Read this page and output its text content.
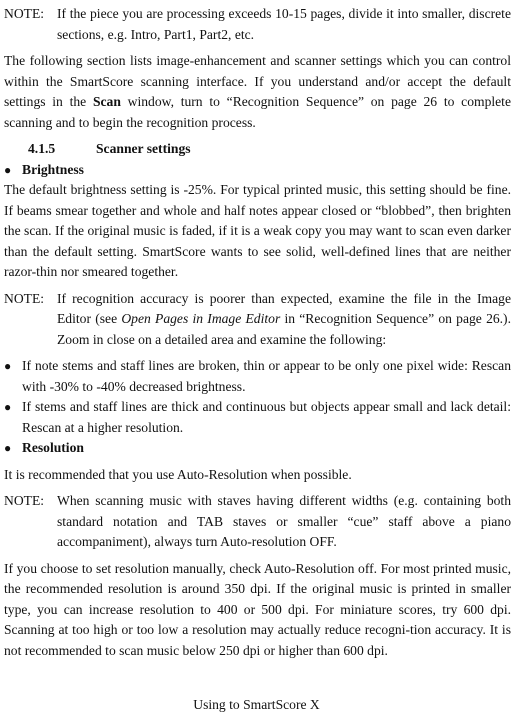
NOTE: If the piece you are processing exceeds 10-15 pages, divide it into smaller, discrete sections, e.g. Intro, Part1, Part2, etc.

The following section lists image-enhancement and scanner settings which you can control within the SmartScore scanning interface. If you understand and/or accept the default settings in the Scan window, turn to “Recognition Sequence” on page 26 to complete scanning and to begin the recognition process.

4.1.5	Scanner settings
● Brightness

The default brightness setting is -25%. For typical printed music, this setting should be fine. If beams smear together and whole and half notes appear closed or “blobbed”, then brighten the scan. If the original music is faded, if it is a weak copy you may want to scan even darker than the default setting. SmartScore wants to see solid, well-defined lines that are neither razor-thin nor smeared together.

NOTE: If recognition accuracy is poorer than expected, examine the file in the Image Editor (see Open Pages in Image Editor in “Recognition Sequence” on page 26.). Zoom in close on a detailed area and examine the following:
● If note stems and staff lines are broken, thin or appear to be only one pixel wide: Rescan with -30% to -40% decreased brightness.
● If stems and staff lines are thick and continuous but objects appear small and lack detail: Rescan at a higher resolution.
● Resolution

It is recommended that you use Auto-Resolution when possible.

NOTE: When scanning music with staves having different widths (e.g. containing both standard notation and TAB staves or smaller “cue” staff above a piano accompaniment), always turn Auto-resolution OFF.

If you choose to set resolution manually, check Auto-Resolution off. For most printed music, the recommended resolution is around 350 dpi. If the original music is printed in smaller type, you can increase resolution to 400 or 500 dpi. For miniature scores, try 600 dpi. Scanning at too high or too low a resolution may actually reduce recogni-tion accuracy. It is not recommended to scan music below 250 dpi or higher than 600 dpi.

Using to SmartScore X
